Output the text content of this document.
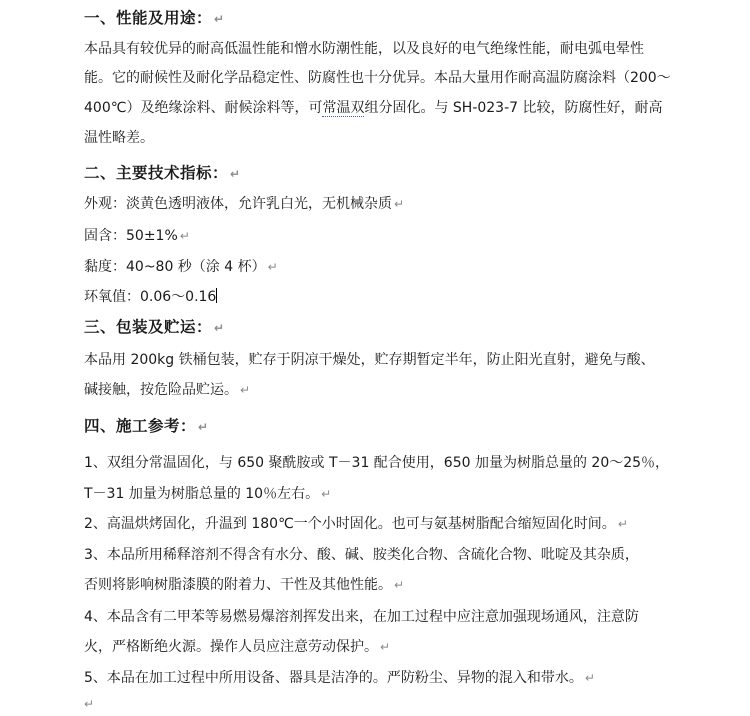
一、性能及用途： ↵
本品具有较优异的耐高低温性能和憎水防潮性能，以及良好的电气绝缘性能，耐电弧电晕性
能。它的耐候性及耐化学品稳定性、防腐性也十分优异。本品大量用作耐高温防腐涂料（200～
400℃）及绝缘涂料、耐候涂料等，可常温双组分固化。与 SH-023-7 比较，防腐性好，耐高
温性略差。
二、主要技术指标： ↵
外观：淡黄色透明液体，允许乳白光，无机械杂质 ↵
固含：50±1% ↵
黏度：40~80 秒（涂 4 杯） ↵
环氧值：0.06～0.16
三、包装及贮运： ↵
本品用 200kg 铁桶包装，贮存于阴凉干燥处，贮存期暂定半年，防止阳光直射，避免与酸、
碱接触，按危险品贮运。 ↵
四、施工参考： ↵
1、双组分常温固化，与 650 聚酰胺或 T－31 配合使用，650 加量为树脂总量的 20～25％，
T－31 加量为树脂总量的 10％左右。 ↵
2、高温烘烤固化，升温到 180℃一个小时固化。也可与氨基树脂配合缩短固化时间。 ↵
3、本品所用稀释溶剂不得含有水分、酸、碱、胺类化合物、含硫化合物、吡啶及其杂质，
否则将影响树脂漆膜的附着力、干性及其他性能。 ↵
4、本品含有二甲苯等易燃易爆溶剂挥发出来，在加工过程中应注意加强现场通风，注意防
火，严格断绝火源。操作人员应注意劳动保护。 ↵
5、本品在加工过程中所用设备、器具是洁净的。严防粉尘、异物的混入和带水。 ↵
↵
